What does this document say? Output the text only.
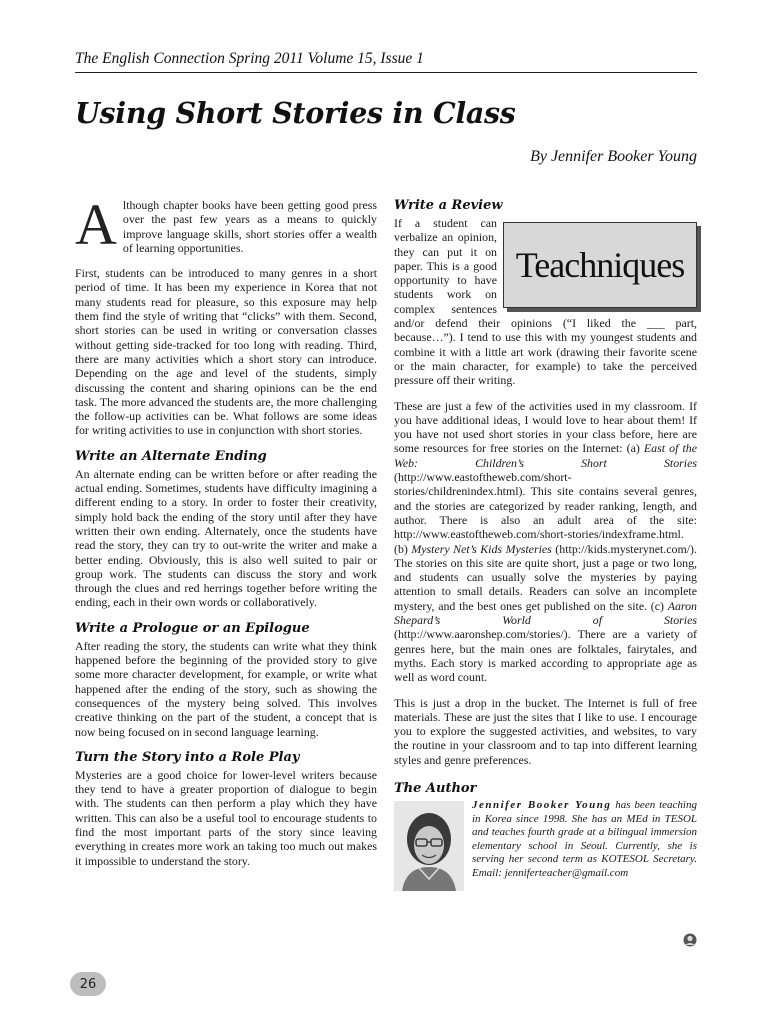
The English Connection Spring 2011 Volume 15, Issue 1
Using Short Stories in Class
By Jennifer Booker Young

Although chapter books have been getting good press over the past few years as a means to quickly improve language skills, short stories offer a wealth of learning opportunities.

First, students can be introduced to many genres in a short period of time. It has been my experience in Korea that not many students read for pleasure, so this exposure may help them find the style of writing that “clicks” with them. Second, short stories can be used in writing or conversation classes without getting side-tracked for too long with reading. Third, there are many activities which a short story can introduce. Depending on the age and level of the students, simply discussing the content and sharing opinions can be the end task. The more advanced the students are, the more challenging the follow-up activities can be. What follows are some ideas for writing activities to use in conjunction with short stories.

Write an Alternate Ending

An alternate ending can be written before or after reading the actual ending. Sometimes, students have difficulty imagining a different ending to a story. In order to foster their creativity, simply hold back the ending of the story until after they have written their own ending. Alternately, once the students have read the story, they can try to out-write the writer and make a better ending. Obviously, this is also well suited to pair or group work. The students can discuss the story and work through the clues and red herrings together before writing the ending, each in their own words or collaboratively.

Write a Prologue or an Epilogue

After reading the story, the students can write what they think happened before the beginning of the provided story to give some more character development, for example, or write what happened after the ending of the story, such as showing the consequences of the mystery being solved. This involves creative thinking on the part of the student, a concept that is now being focused on in second language learning.

Turn the Story into a Role Play

Mysteries are a good choice for lower-level writers because they tend to have a greater proportion of dialogue to begin with. The students can then perform a play which they have written. This can also be a useful tool to encourage students to find the most important parts of the story since leaving everything in creates more work an taking too much out makes it impossible to understand the story.

Write a Review

Teachniques
If a student can verbalize an opinion, they can put it on paper. This is a good opportunity to have students work on complex sentences and/or defend their opinions (“I liked the ___ part, because…”). I tend to use this with my youngest students and combine it with a little art work (drawing their favorite scene or the main character, for example) to take the perceived pressure off their writing.

These are just a few of the activities used in my classroom. If you have additional ideas, I would love to hear about them! If you have not used short stories in your class before, here are some resources for free stories on the Internet: (a) East of the Web: Children’s Short Stories (http://www.eastoftheweb.com/short-stories/childrenindex.html). This site contains several genres, and the stories are categorized by reader ranking, length, and author. There is also an adult area of the site: http://www.eastoftheweb.com/short-stories/indexframe.html. (b) Mystery Net’s Kids Mysteries (http://kids.mysterynet.com/). The stories on this site are quite short, just a page or two long, and students can usually solve the mysteries by paying attention to small details. Readers can solve an incomplete mystery, and the best ones get published on the site. (c) Aaron Shepard’s World of Stories (http://www.aaronshep.com/stories/). There are a variety of genres here, but the main ones are folktales, fairytales, and myths. Each story is marked according to appropriate age as well as word count.

This is just a drop in the bucket. The Internet is full of free materials. These are just the sites that I like to use. I encourage you to explore the suggested activities, and websites, to vary the routine in your classroom and to tap into different learning styles and genre preferences.

The Author
Jennifer Booker Young has been teaching in Korea since 1998. She has an MEd in TESOL and teaches fourth grade at a bilingual immersion elementary school in Seoul. Currently, she is serving her second term as KOTESOL Secretary. Email: jenniferteacher@gmail.com
26
